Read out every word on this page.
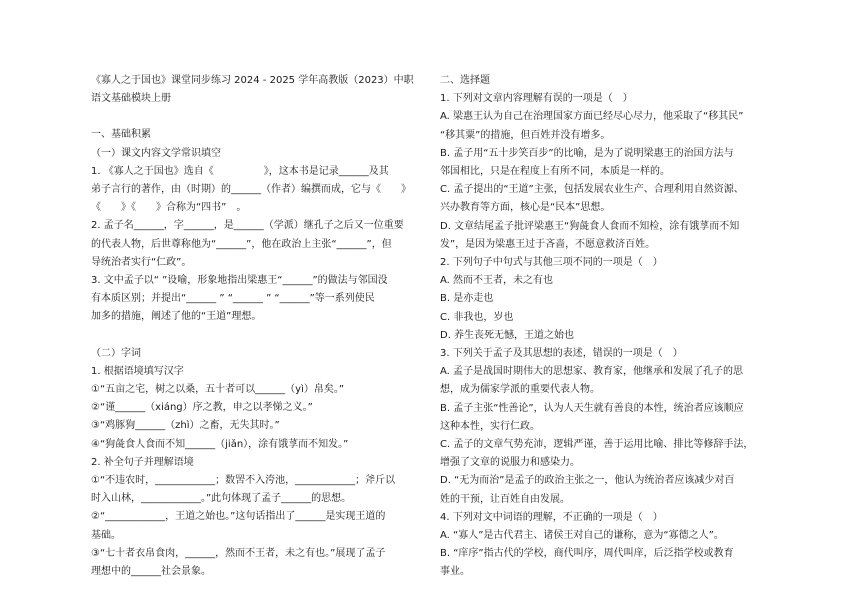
《寡人之于国也》课堂同步练习 2024 - 2025 学年高教版（2023）中职

语文基础模块上册

一、基础积累

（一）课文内容文学常识填空

1. 《寡人之于国也》选自《　　　　　》，这本书是记录______及其

弟子言行的著作，由（时期）的______（作者）编撰而成，它与《　　》

《　　》《　　》合称为“四书”　。

2. 孟子名______，字______，是______（学派）继孔子之后又一位重要

的代表人物，后世尊称他为“______”，他在政治上主张“______”，但

导统治者实行“仁政”。

3. 文中孟子以“ ”设喻，形象地指出梁惠王“______”的做法与邻国没

有本质区别；并提出“______ ” “______ ” “______”等一系列使民

加多的措施，阐述了他的“王道”理想。

（二）字词

1. 根据语境填写汉字

①“五亩之宅，树之以桑，五十者可以______（yì）帛矣。”

②“谨______（xiáng）序之教，申之以孝悌之义。”

③“鸡豚狗______（zhì）之畜，无失其时。”

④“狗彘食人食而不知______（jiǎn），涂有饿莩而不知发。”

2. 补全句子并理解语境

①“不违农时，____________；数罟不入洿池，____________；斧斤以

时入山林，____________。”此句体现了孟子______的思想。

②“____________，王道之始也。”这句话指出了______是实现王道的

基础。

③“七十者衣帛食肉，______，然而不王者，未之有也。”展现了孟子

理想中的______社会景象。

二、选择题

1. 下列对文章内容理解有误的一项是（　）

A. 梁惠王认为自己在治理国家方面已经尽心尽力，他采取了“移其民”

“移其粟”的措施，但百姓并没有增多。

B. 孟子用“五十步笑百步”的比喻，是为了说明梁惠王的治国方法与

邻国相比，只是在程度上有所不同，本质是一样的。

C. 孟子提出的“王道”主张，包括发展农业生产、合理利用自然资源、

兴办教育等方面，核心是“民本”思想。

D. 文章结尾孟子批评梁惠王“狗彘食人食而不知检，涂有饿莩而不知

发”，是因为梁惠王过于吝啬，不愿意救济百姓。

2. 下列句子中句式与其他三项不同的一项是（　）

A. 然而不王者，未之有也

B. 是亦走也

C. 非我也，岁也

D. 养生丧死无憾，王道之始也

3. 下列关于孟子及其思想的表述，错误的一项是（　）

A. 孟子是战国时期伟大的思想家、教育家，他继承和发展了孔子的思

想，成为儒家学派的重要代表人物。

B. 孟子主张“性善论”，认为人天生就有善良的本性，统治者应该顺应

这种本性，实行仁政。

C. 孟子的文章气势充沛，逻辑严谨，善于运用比喻、排比等修辞手法，

增强了文章的说服力和感染力。

D. “无为而治”是孟子的政治主张之一，他认为统治者应该减少对百

姓的干预，让百姓自由发展。

4. 下列对文中词语的理解，不正确的一项是（　）

A. “寡人”是古代君主、诸侯王对自己的谦称，意为“寡德之人”。

B. “庠序”指古代的学校，商代叫序，周代叫庠，后泛指学校或教育

事业。
